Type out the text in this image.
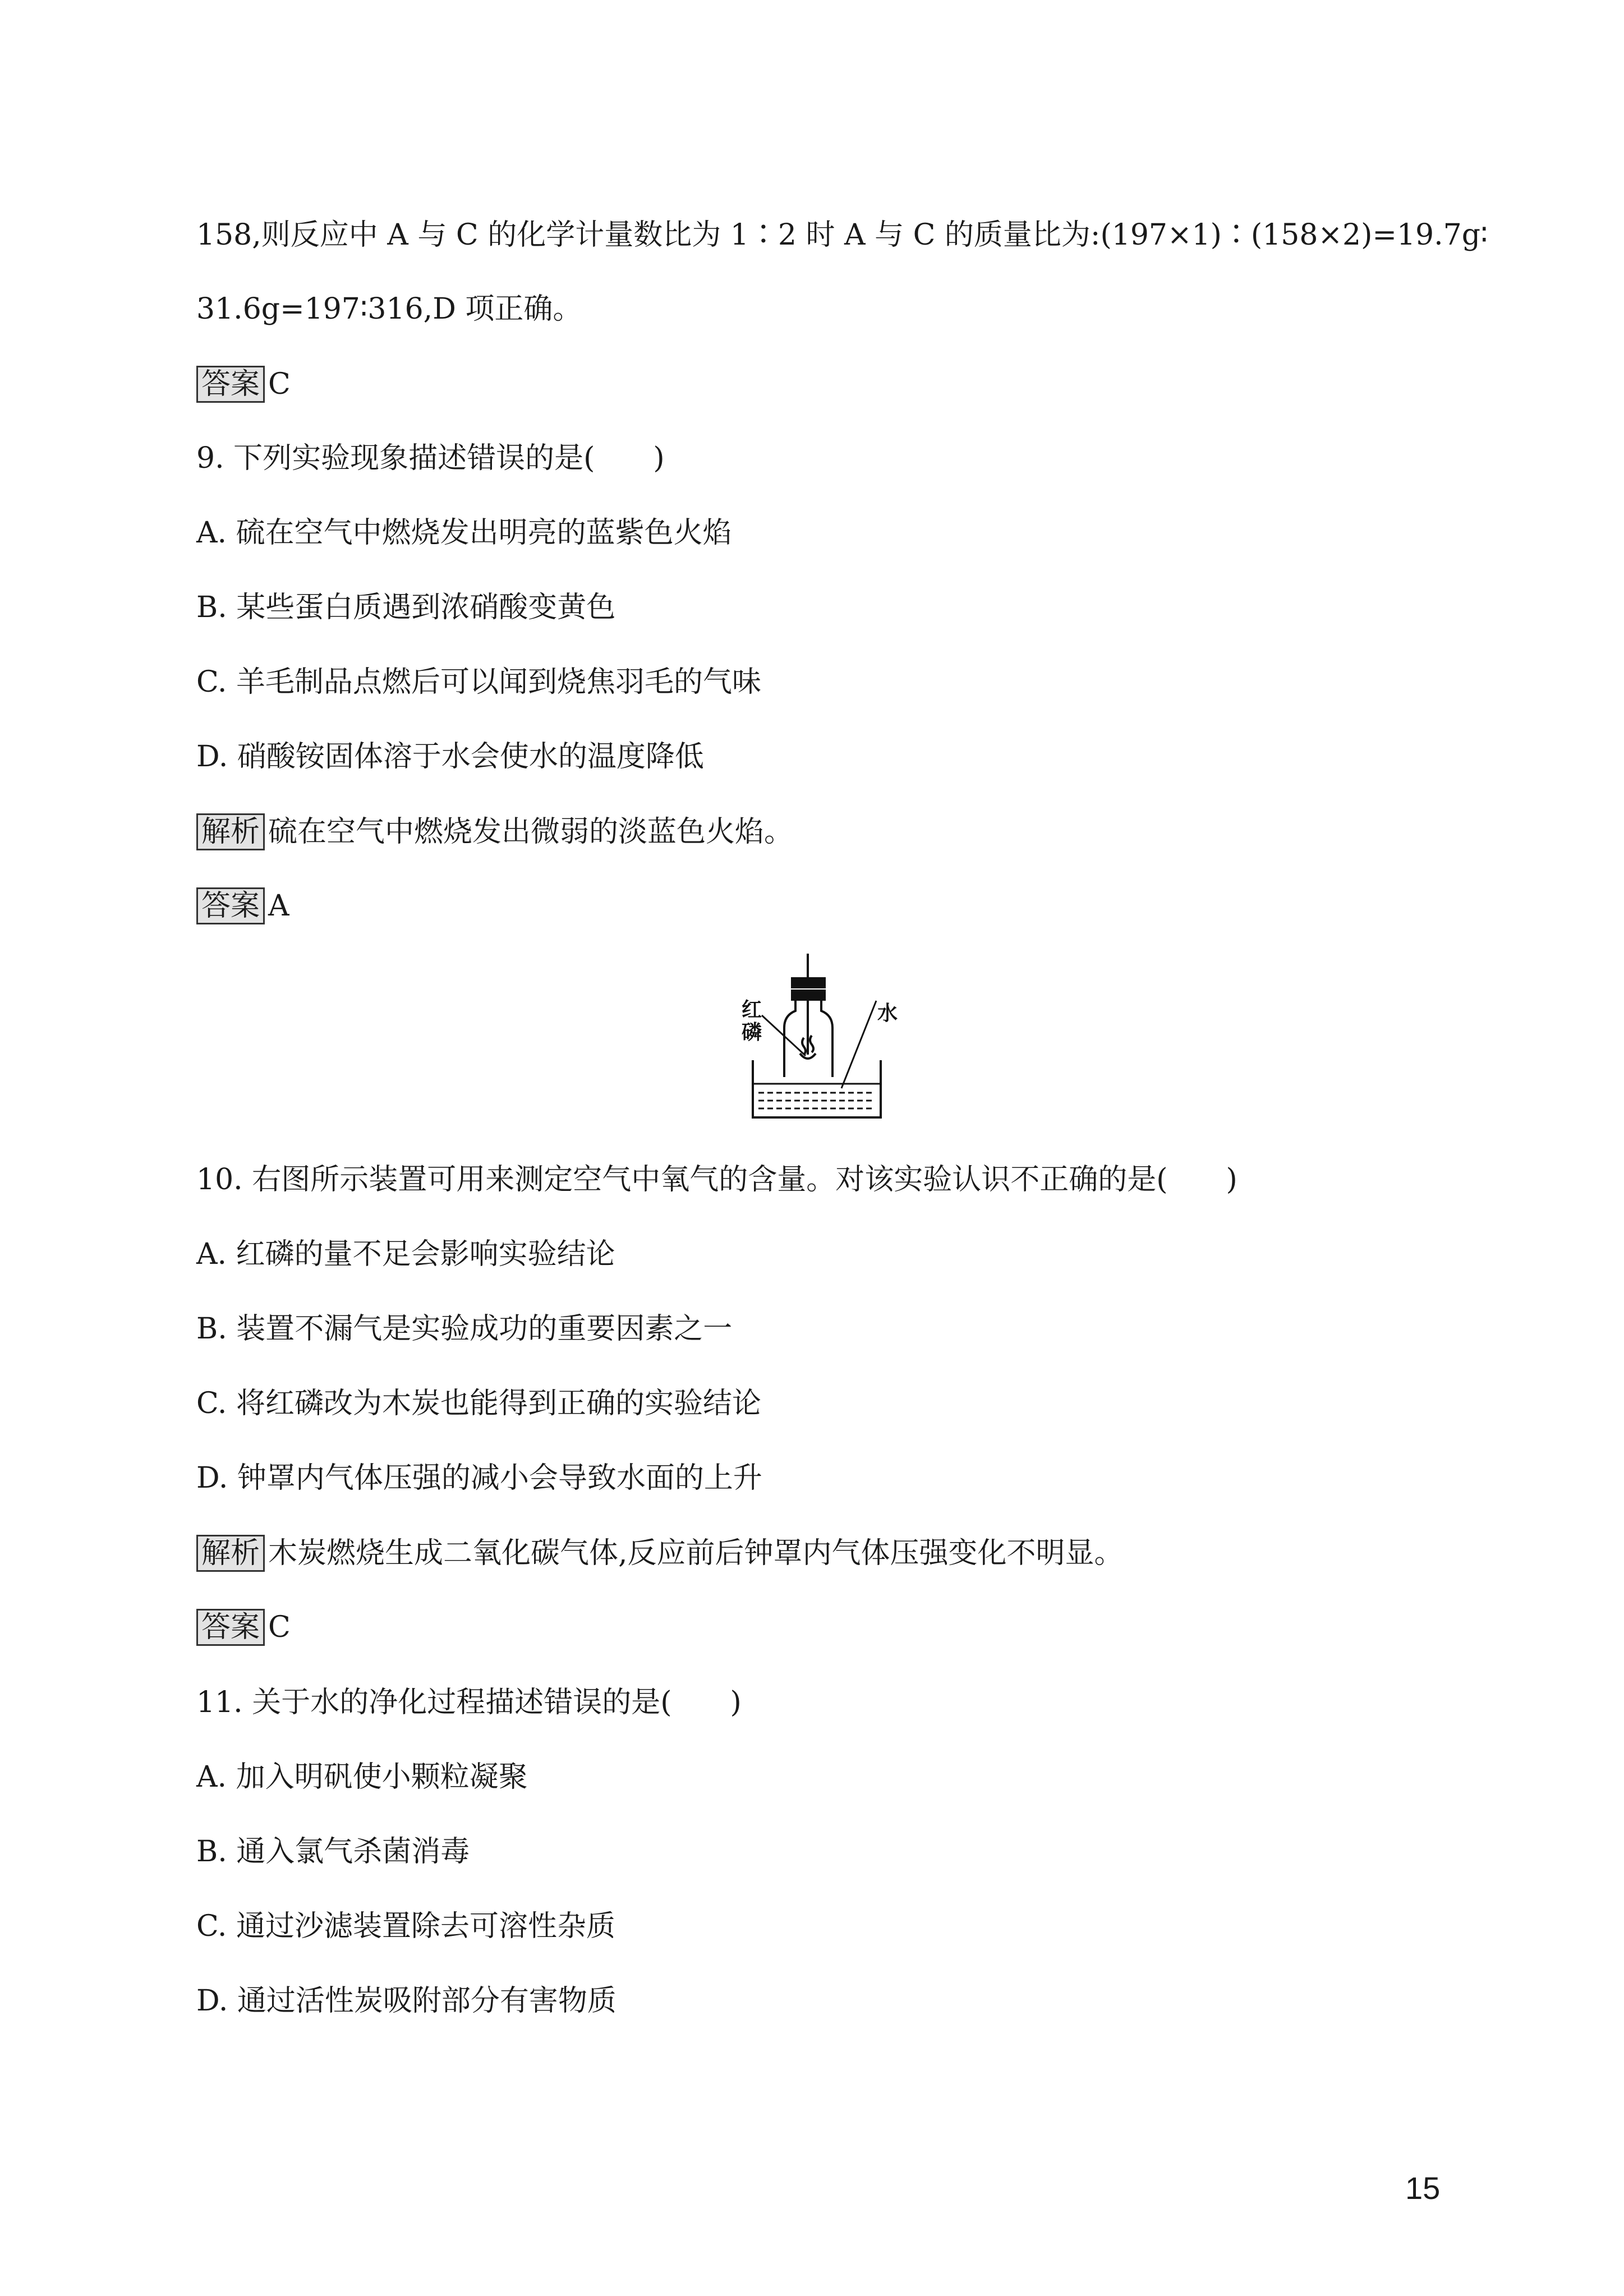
158,则反应中 A 与 C 的化学计量数比为 1∶2 时 A 与 C 的质量比为:(197×1)∶(158×2)=19.7g∶
31.6g=197∶316,D 项正确。
答案 C
9. 下列实验现象描述错误的是(　　)
A. 硫在空气中燃烧发出明亮的蓝紫色火焰
B. 某些蛋白质遇到浓硝酸变黄色
C. 羊毛制品点燃后可以闻到烧焦羽毛的气味
D. 硝酸铵固体溶于水会使水的温度降低
解析 硫在空气中燃烧发出微弱的淡蓝色火焰。
答案 A
红
磷
水
10. 右图所示装置可用来测定空气中氧气的含量。对该实验认识不正确的是(　　)
A. 红磷的量不足会影响实验结论
B. 装置不漏气是实验成功的重要因素之一
C. 将红磷改为木炭也能得到正确的实验结论
D. 钟罩内气体压强的减小会导致水面的上升
解析 木炭燃烧生成二氧化碳气体,反应前后钟罩内气体压强变化不明显。
答案 C
11. 关于水的净化过程描述错误的是(　　)
A. 加入明矾使小颗粒凝聚
B. 通入氯气杀菌消毒
C. 通过沙滤装置除去可溶性杂质
D. 通过活性炭吸附部分有害物质
15
